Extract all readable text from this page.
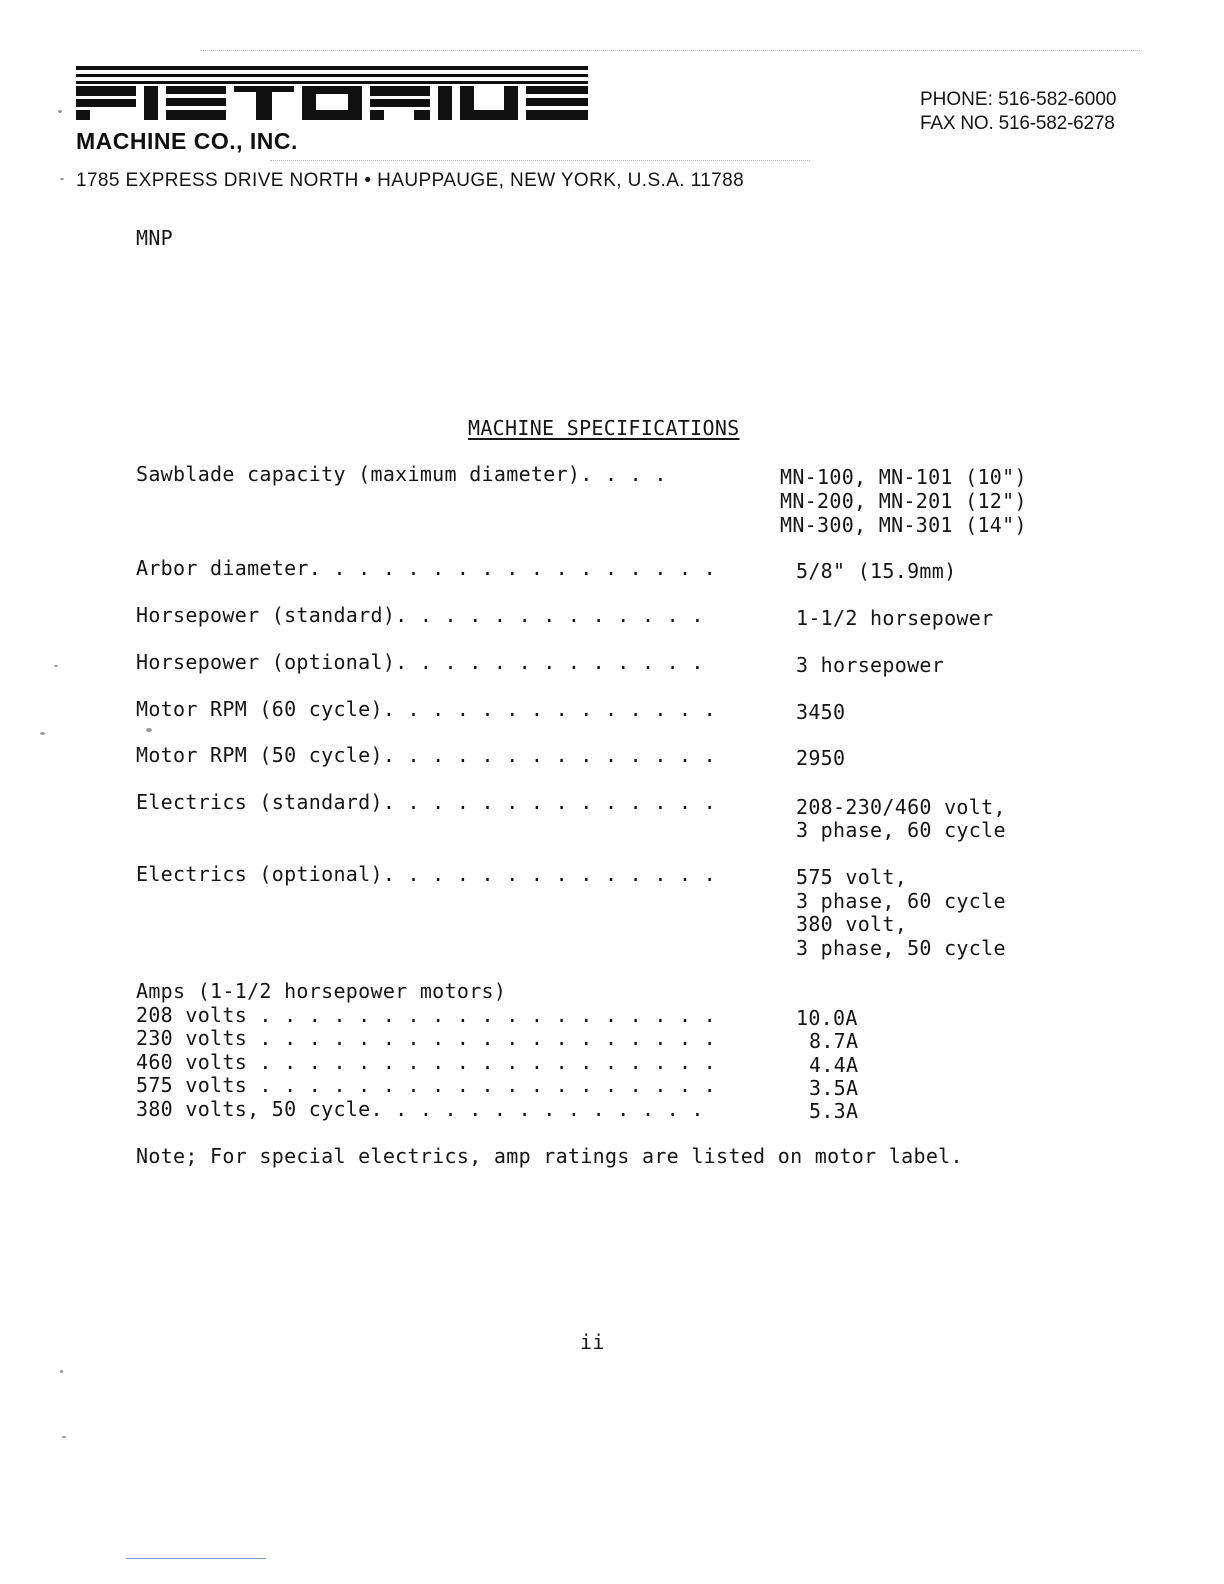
MACHINE CO., INC.
PHONE: 516-582-6000
FAX NO. 516-582-6278
1785 EXPRESS DRIVE NORTH • HAUPPAUGE, NEW YORK, U.S.A. 11788
MNP
MACHINE SPECIFICATIONS
Sawblade capacity (maximum diameter). . . .	MN-100, MN-101 (10")
MN-200, MN-201 (12")
MN-300, MN-301 (14")
Arbor diameter. . . . . . . . . . . . . . . . .	5/8" (15.9mm)
Horsepower (standard). . . . . . . . . . . . .	1-1/2 horsepower
Horsepower (optional). . . . . . . . . . . . .	3 horsepower
Motor RPM (60 cycle). . . . . . . . . . . . . .	3450
Motor RPM (50 cycle). . . . . . . . . . . . . .	2950
Electrics (standard). . . . . . . . . . . . . .	208-230/460 volt,
3 phase, 60 cycle
Electrics (optional). . . . . . . . . . . . . .	575 volt,
3 phase, 60 cycle
380 volt,
3 phase, 50 cycle
Amps (1-1/2 horsepower motors)
208 volts . . . . . . . . . . . . . . . . . . .	10.0A
230 volts . . . . . . . . . . . . . . . . . . .	8.7A
460 volts . . . . . . . . . . . . . . . . . . .	4.4A
575 volts . . . . . . . . . . . . . . . . . . .	3.5A
380 volts, 50 cycle. . . . . . . . . . . . . .	5.3A
Note; For special electrics, amp ratings are listed on motor label.
ii
